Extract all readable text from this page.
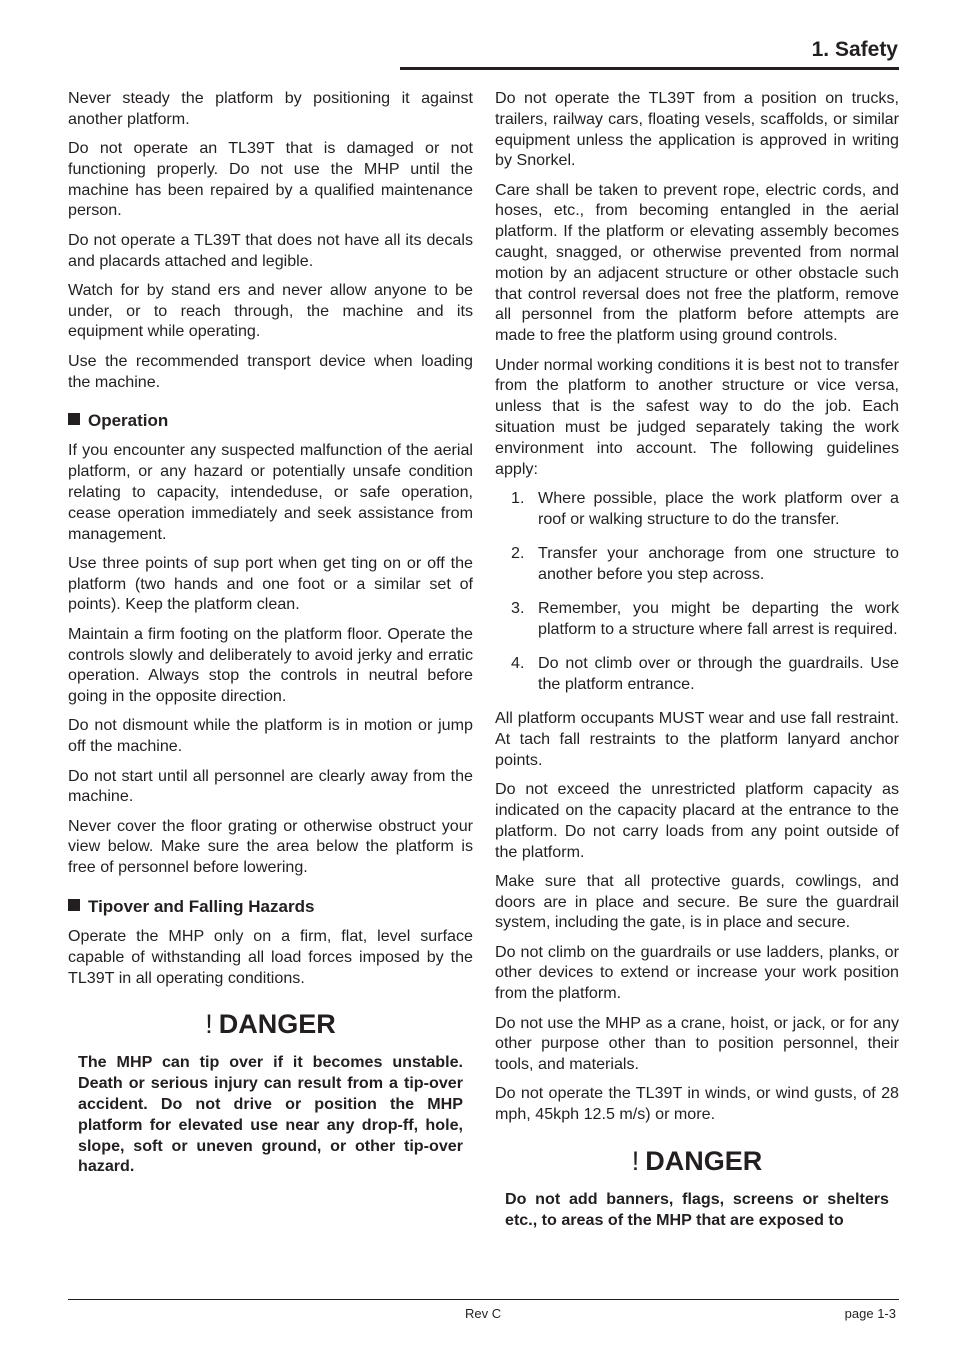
1. Safety

Never steady the platform by positioning it against another platform.

Do not operate an TL39T that is damaged or not functioning properly. Do not use the MHP until the machine has been repaired by a qualified maintenance person.

Do not operate a TL39T that does not have all its decals and placards attached and legible.

Watch for by stand ers and never allow anyone to be under, or to reach through, the machine and its equipment while operating.

Use the recommended transport device when loading the machine.

Operation

If you encounter any suspected malfunction of the aerial platform, or any hazard or potentially unsafe condition relating to capacity, intendeduse, or safe operation, cease operation immediately and seek assistance from management.

Use three points of sup port when get ting on or off the platform (two hands and one foot or a similar set of points). Keep the platform clean.

Maintain a firm footing on the platform floor. Operate the controls slowly and deliberately to avoid jerky and erratic operation. Always stop the controls in neutral before going in the opposite direction.

Do not dismount while the platform is in motion or jump off the machine.

Do not start until all personnel are clearly away from the machine.

Never cover the floor grating or otherwise obstruct your view below. Make sure the area below the platform is free of personnel before lowering.

Tipover and Falling Hazards

Operate the MHP only on a firm, flat, level surface capable of withstanding all load forces imposed by the TL39T in all operating conditions.

! DANGER
The MHP can tip over if it becomes unstable. Death or serious injury can result from a tip-over accident. Do not drive or position the MHP platform for elevated use near any drop-ff, hole, slope, soft or uneven ground, or other tip-over hazard.

Do not operate the TL39T from a position on trucks, trailers, railway cars, floating vesels, scaffolds, or similar equipment unless the application is approved in writing by Snorkel.

Care shall be taken to prevent rope, electric cords, and hoses, etc., from becoming entangled in the aerial platform. If the platform or elevating assembly becomes caught, snagged, or otherwise prevented from normal motion by an adjacent structure or other obstacle such that control reversal does not free the platform, remove all personnel from the platform before attempts are made to free the platform using ground controls.

Under normal working conditions it is best not to transfer from the platform to another structure or vice versa, unless that is the safest way to do the job. Each situation must be judged separately taking the work environment into account. The following guidelines apply:

1. Where possible, place the work platform over a roof or walking structure to do the transfer.
2. Transfer your anchorage from one structure to another before you step across.
3. Remember, you might be departing the work platform to a structure where fall arrest is required.
4. Do not climb over or through the guardrails. Use the platform entrance.

All platform occupants MUST wear and use fall restraint. At tach fall restraints to the platform lanyard anchor points.

Do not exceed the unrestricted platform capacity as indicated on the capacity placard at the entrance to the platform. Do not carry loads from any point outside of the platform.

Make sure that all protective guards, cowlings, and doors are in place and secure. Be sure the guardrail system, including the gate, is in place and secure.

Do not climb on the guardrails or use ladders, planks, or other devices to extend or increase your work position from the platform.

Do not use the MHP as a crane, hoist, or jack, or for any other purpose other than to position personnel, their tools, and materials.

Do not operate the TL39T in winds, or wind gusts, of 28 mph, 45kph 12.5 m/s) or more.

! DANGER
Do not add banners, flags, screens or shelters etc., to areas of the MHP that are exposed to
Rev C	page 1-3
